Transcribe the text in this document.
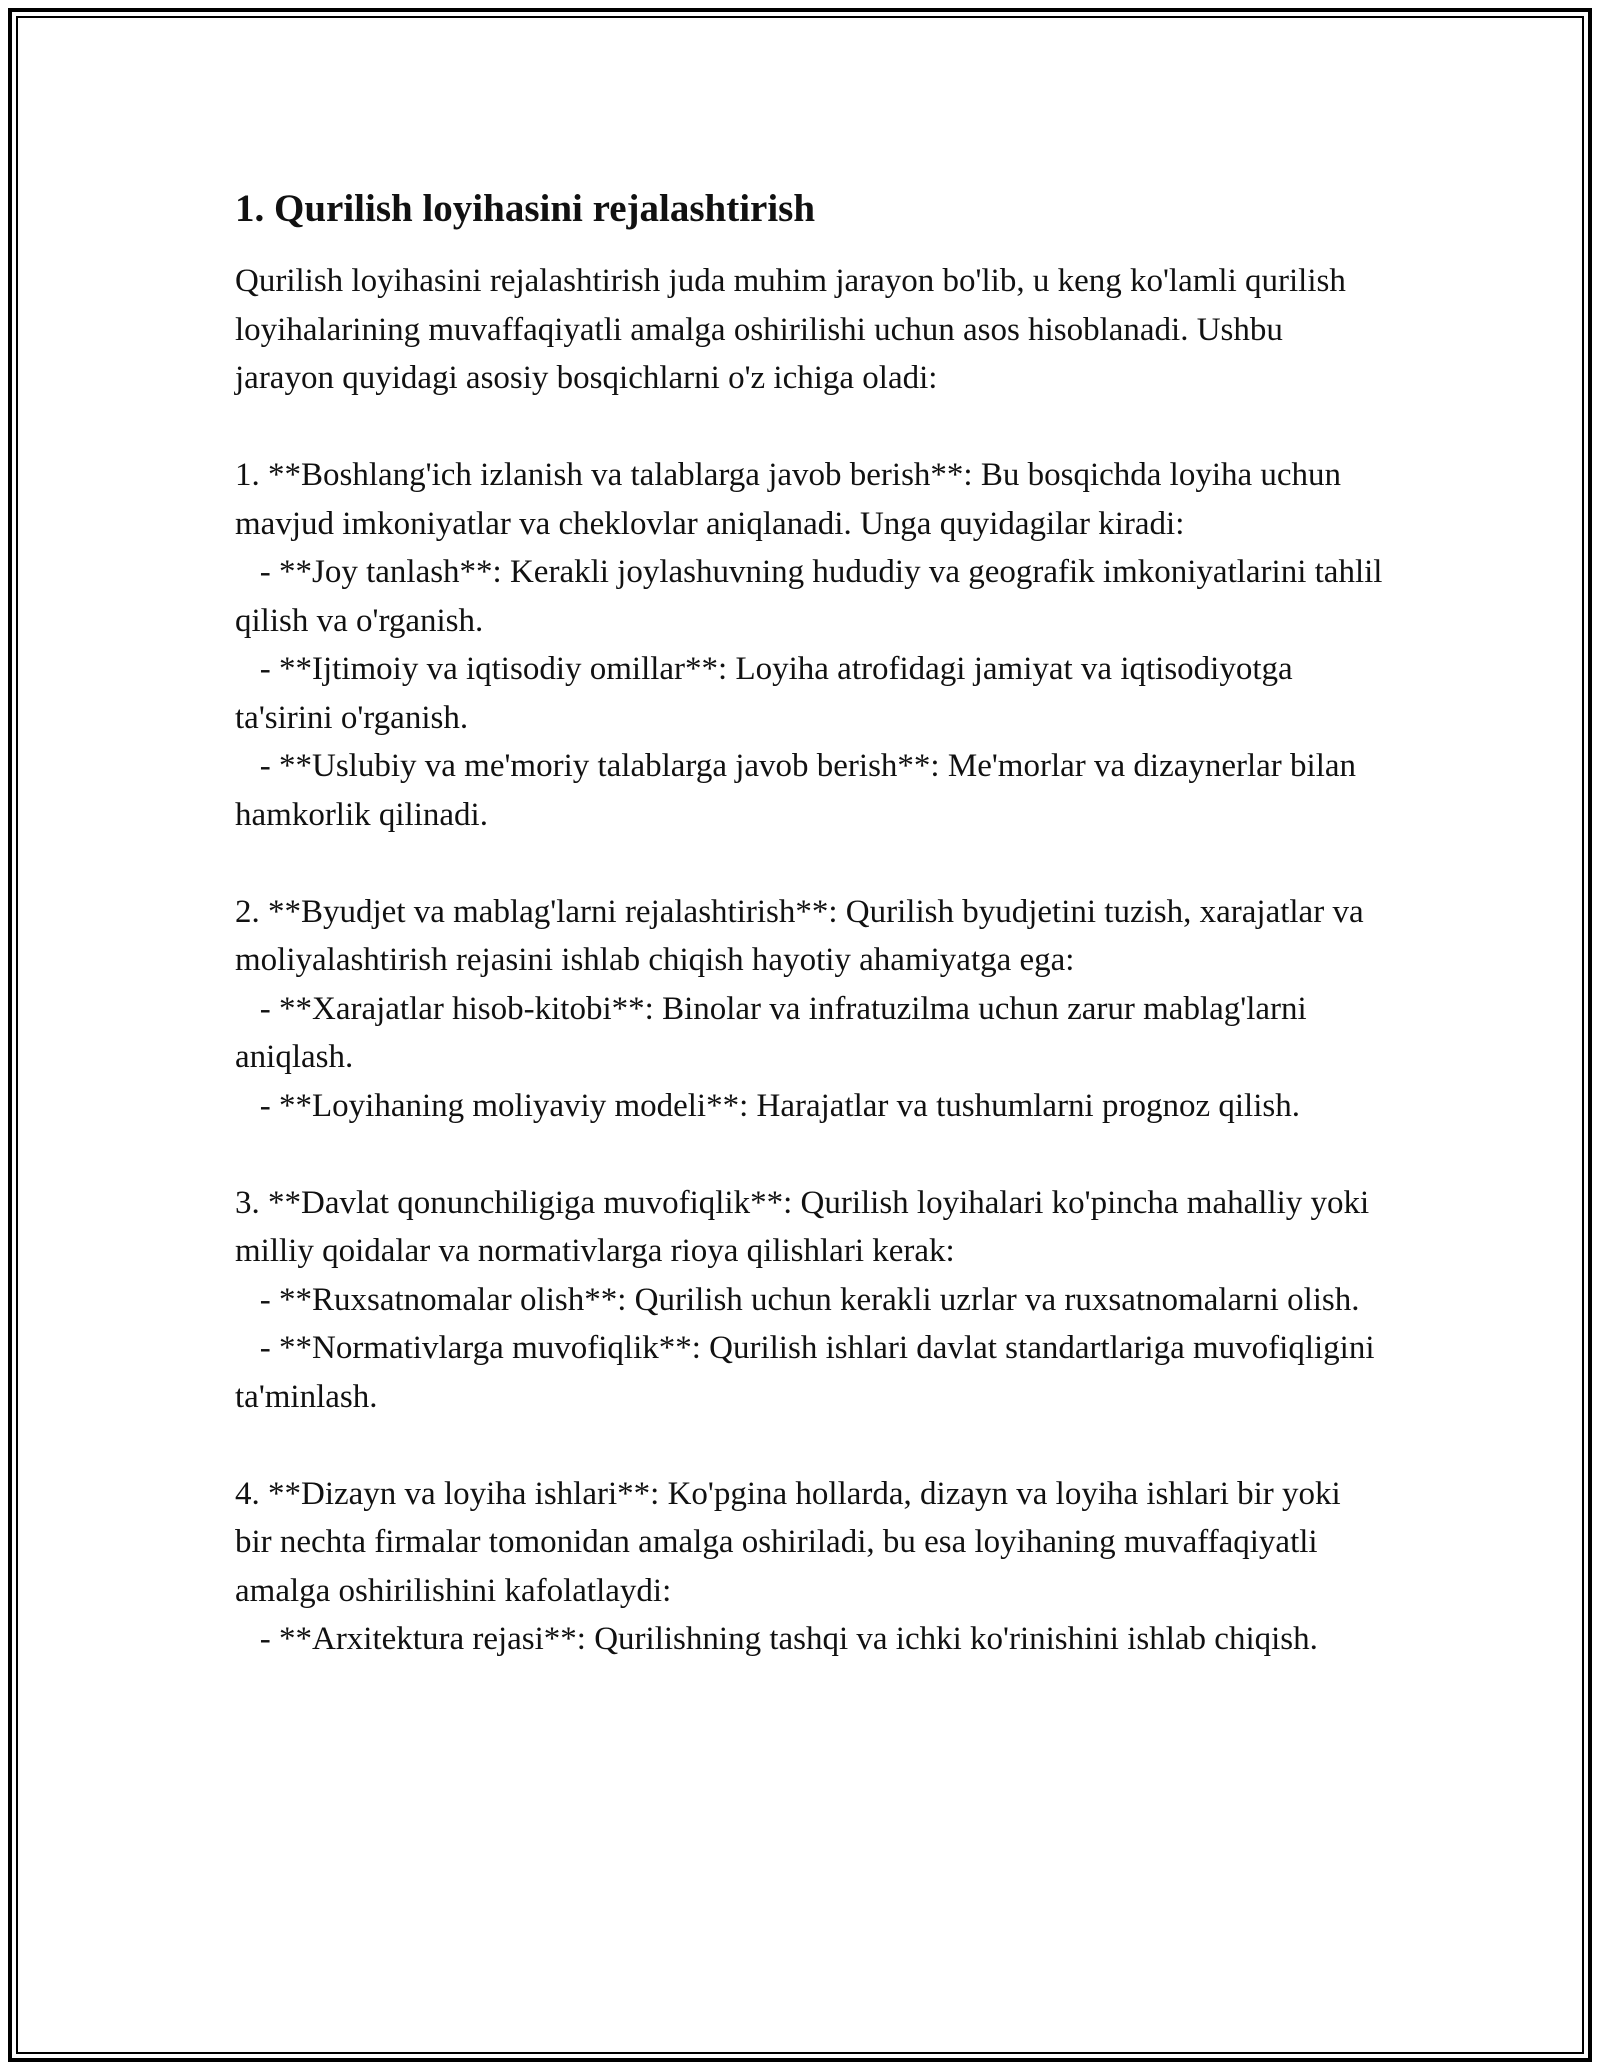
1. Qurilish loyihasini rejalashtirish

Qurilish loyihasini rejalashtirish juda muhim jarayon bo'lib, u keng ko'lamli qurilish loyihalarining muvaffaqiyatli amalga oshirilishi uchun asos hisoblanadi. Ushbu jarayon quyidagi asosiy bosqichlarni o'z ichiga oladi:

1. **Boshlang'ich izlanish va talablarga javob berish**: Bu bosqichda loyiha uchun mavjud imkoniyatlar va cheklovlar aniqlanadi. Unga quyidagilar kiradi:

- **Joy tanlash**: Kerakli joylashuvning hududiy va geografik imkoniyatlarini tahlil qilish va o'rganish.

- **Ijtimoiy va iqtisodiy omillar**: Loyiha atrofidagi jamiyat va iqtisodiyotga ta'sirini o'rganish.

- **Uslubiy va me'moriy talablarga javob berish**: Me'morlar va dizaynerlar bilan hamkorlik qilinadi.

2. **Byudjet va mablag'larni rejalashtirish**: Qurilish byudjetini tuzish, xarajatlar va moliyalashtirish rejasini ishlab chiqish hayotiy ahamiyatga ega:

- **Xarajatlar hisob-kitobi**: Binolar va infratuzilma uchun zarur mablag'larni aniqlash.

- **Loyihaning moliyaviy modeli**: Harajatlar va tushumlarni prognoz qilish.

3. **Davlat qonunchiligiga muvofiqlik**: Qurilish loyihalari ko'pincha mahalliy yoki milliy qoidalar va normativlarga rioya qilishlari kerak:

- **Ruxsatnomalar olish**: Qurilish uchun kerakli uzrlar va ruxsatnomalarni olish.

- **Normativlarga muvofiqlik**: Qurilish ishlari davlat standartlariga muvofiqligini ta'minlash.

4. **Dizayn va loyiha ishlari**: Ko'pgina hollarda, dizayn va loyiha ishlari bir yoki bir nechta firmalar tomonidan amalga oshiriladi, bu esa loyihaning muvaffaqiyatli amalga oshirilishini kafolatlaydi:

- **Arxitektura rejasi**: Qurilishning tashqi va ichki ko'rinishini ishlab chiqish.
